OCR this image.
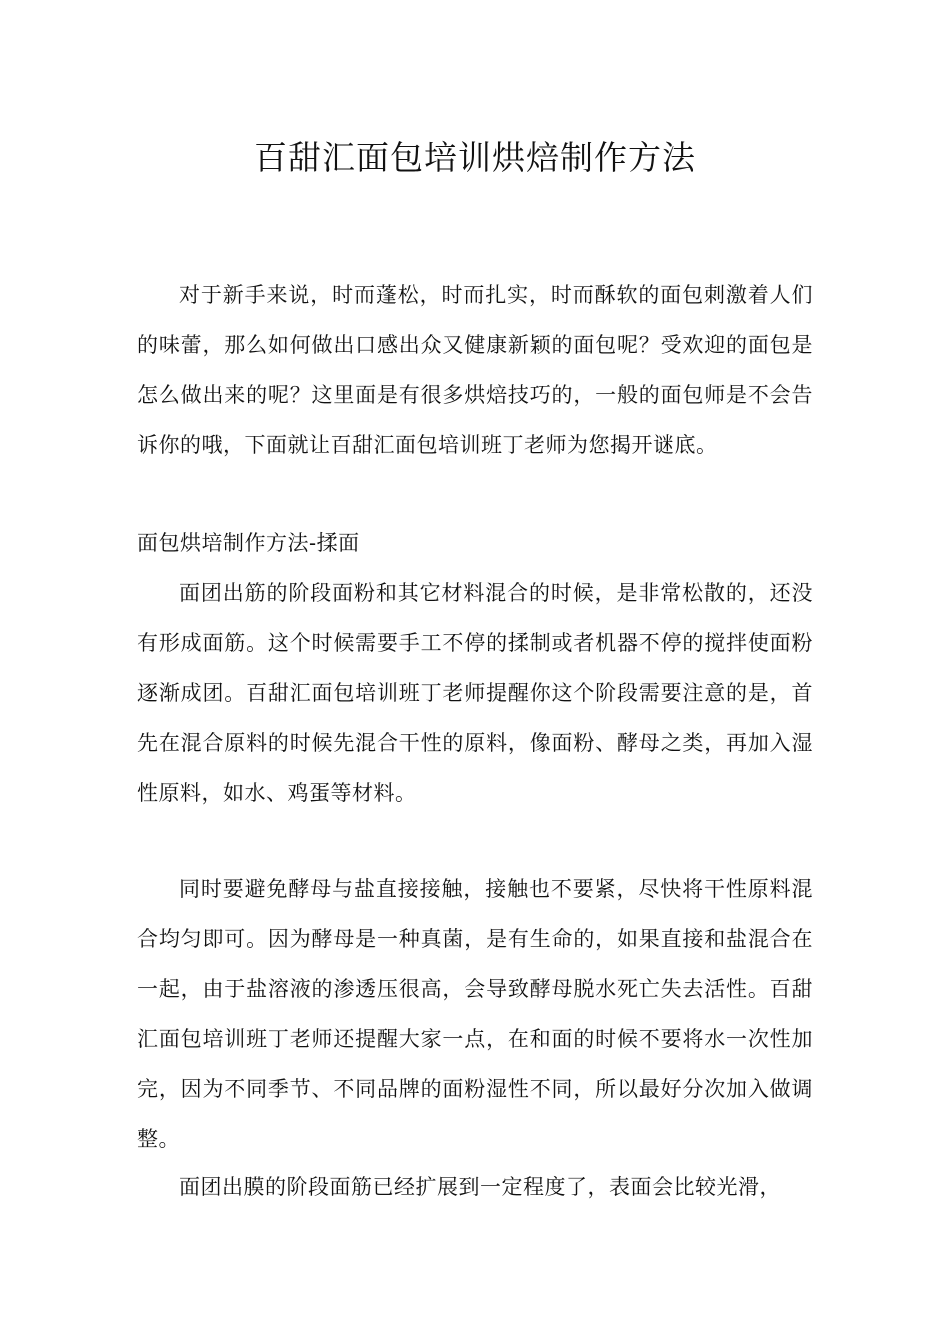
百甜汇面包培训烘焙制作方法

对于新手来说，时而蓬松，时而扎实，时而酥软的面包刺激着人们的味蕾，那么如何做出口感出众又健康新颖的面包呢？受欢迎的面包是怎么做出来的呢？这里面是有很多烘焙技巧的，一般的面包师是不会告诉你的哦，下面就让百甜汇面包培训班丁老师为您揭开谜底。

面包烘培制作方法-揉面

面团出筋的阶段面粉和其它材料混合的时候，是非常松散的，还没有形成面筋。这个时候需要手工不停的揉制或者机器不停的搅拌使面粉逐渐成团。百甜汇面包培训班丁老师提醒你这个阶段需要注意的是，首先在混合原料的时候先混合干性的原料，像面粉、酵母之类，再加入湿性原料，如水、鸡蛋等材料。

同时要避免酵母与盐直接接触，接触也不要紧，尽快将干性原料混合均匀即可。因为酵母是一种真菌，是有生命的，如果直接和盐混合在一起，由于盐溶液的渗透压很高，会导致酵母脱水死亡失去活性。百甜汇面包培训班丁老师还提醒大家一点，在和面的时候不要将水一次性加完，因为不同季节、不同品牌的面粉湿性不同，所以最好分次加入做调整。

面团出膜的阶段面筋已经扩展到一定程度了，表面会比较光滑，
